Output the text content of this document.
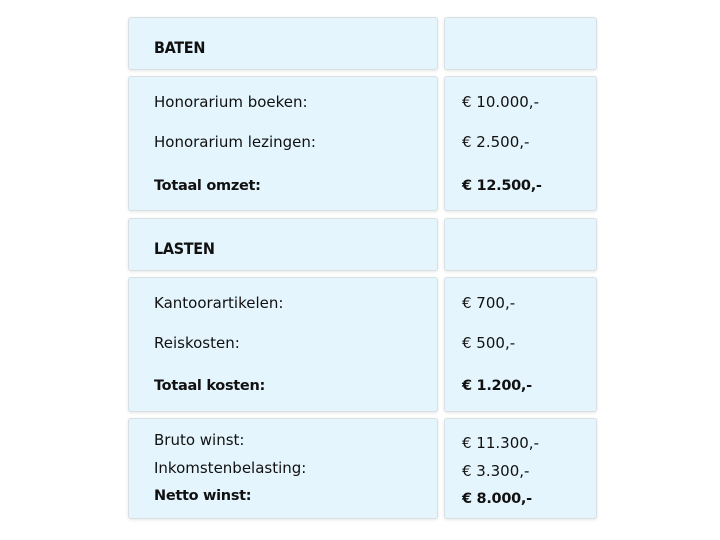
BATEN
Honorarium boeken:
Honorarium lezingen:
Totaal omzet:
€ 10.000,-
€ 2.500,-
€ 12.500,-
LASTEN
Kantoorartikelen:
Reiskosten:
Totaal kosten:
€ 700,-
€ 500,-
€ 1.200,-
Bruto winst:
Inkomstenbelasting:
Netto winst:
€ 11.300,-
€ 3.300,-
€ 8.000,-
